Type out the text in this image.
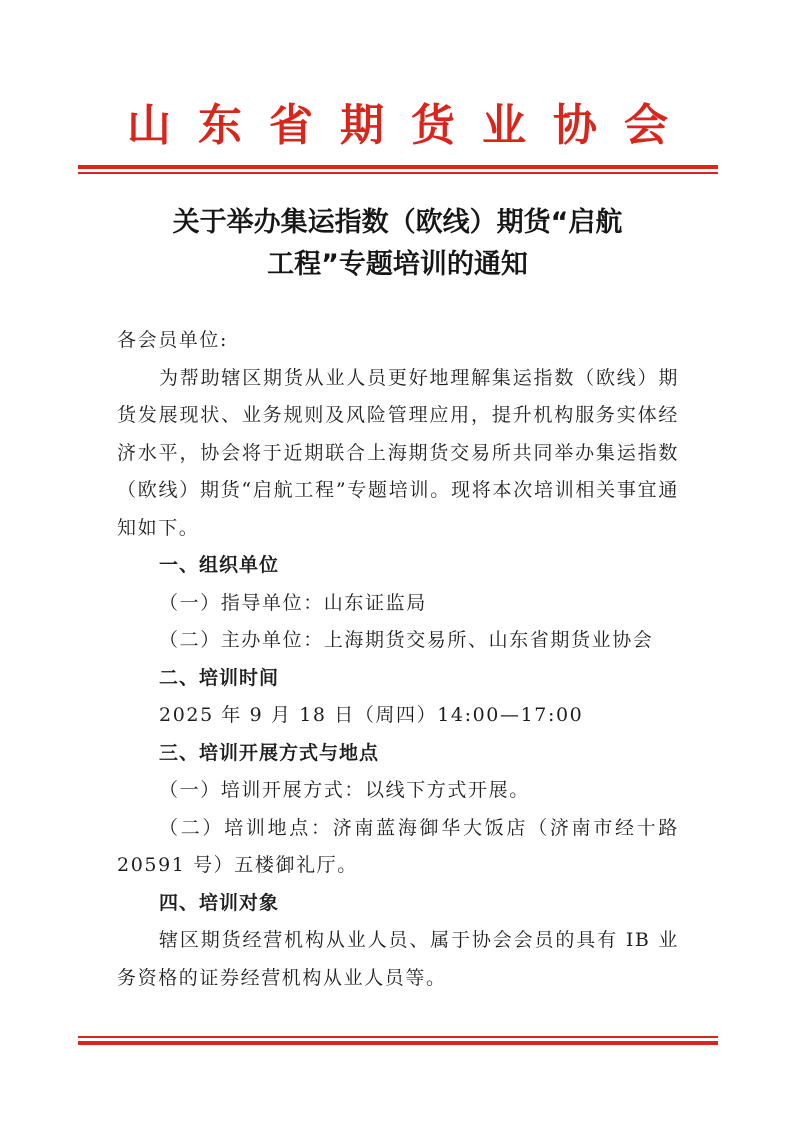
山东省期货业协会
关于举办集运指数（欧线）期货“启航
工程”专题培训的通知

各会员单位:

为帮助辖区期货从业人员更好地理解集运指数（欧线）期货发展现状、业务规则及风险管理应用，提升机构服务实体经济水平，协会将于近期联合上海期货交易所共同举办集运指数（欧线）期货“启航工程”专题培训。现将本次培训相关事宜通知如下。

一、组织单位

（一）指导单位：山东证监局

（二）主办单位：上海期货交易所、山东省期货业协会

二、培训时间

2025 年 9 月 18 日（周四）14:00—17:00

三、培训开展方式与地点

（一）培训开展方式：以线下方式开展。

（二）培训地点：济南蓝海御华大饭店（济南市经十路 20591 号）五楼御礼厅。

四、培训对象

辖区期货经营机构从业人员、属于协会会员的具有 IB 业务资格的证券经营机构从业人员等。
